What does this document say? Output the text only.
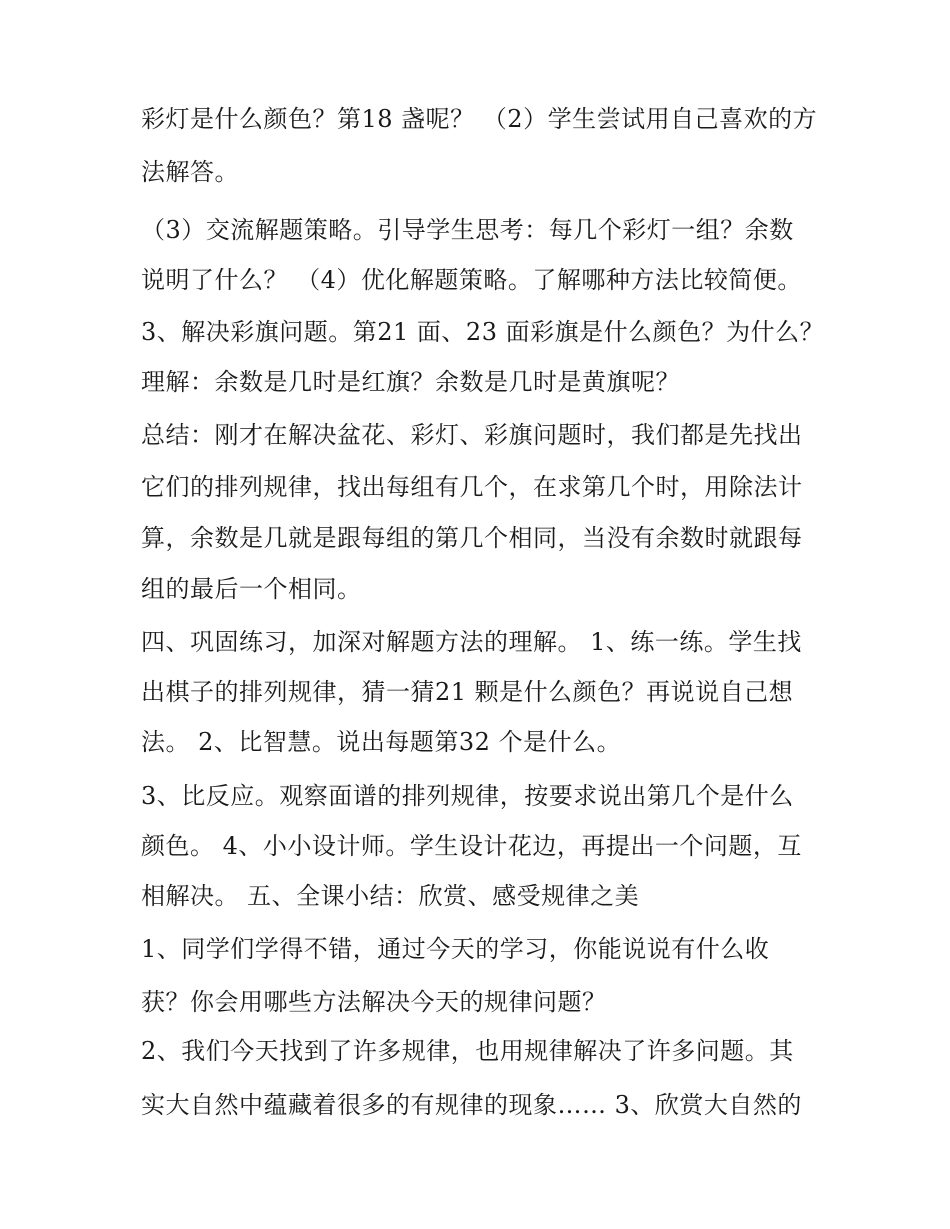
彩灯是什么颜色？第18 盏呢？ （2）学生尝试用自己喜欢的方

法解答。

（3）交流解题策略。引导学生思考：每几个彩灯一组？余数

说明了什么？ （4）优化解题策略。了解哪种方法比较简便。

3、解决彩旗问题。第21 面、23 面彩旗是什么颜色？为什么？

理解：余数是几时是红旗？余数是几时是黄旗呢？

总结：刚才在解决盆花、彩灯、彩旗问题时，我们都是先找出

它们的排列规律，找出每组有几个，在求第几个时，用除法计

算，余数是几就是跟每组的第几个相同，当没有余数时就跟每

组的最后一个相同。

四、巩固练习，加深对解题方法的理解。 1、练一练。学生找

出棋子的排列规律，猜一猜21 颗是什么颜色？再说说自己想

法。 2、比智慧。说出每题第32 个是什么。

3、比反应。观察面谱的排列规律，按要求说出第几个是什么

颜色。 4、小小设计师。学生设计花边，再提出一个问题，互

相解决。 五、全课小结：欣赏、感受规律之美

1、同学们学得不错，通过今天的学习，你能说说有什么收

获？你会用哪些方法解决今天的规律问题？

2、我们今天找到了许多规律，也用规律解决了许多问题。其

实大自然中蕴藏着很多的有规律的现象…… 3、欣赏大自然的
